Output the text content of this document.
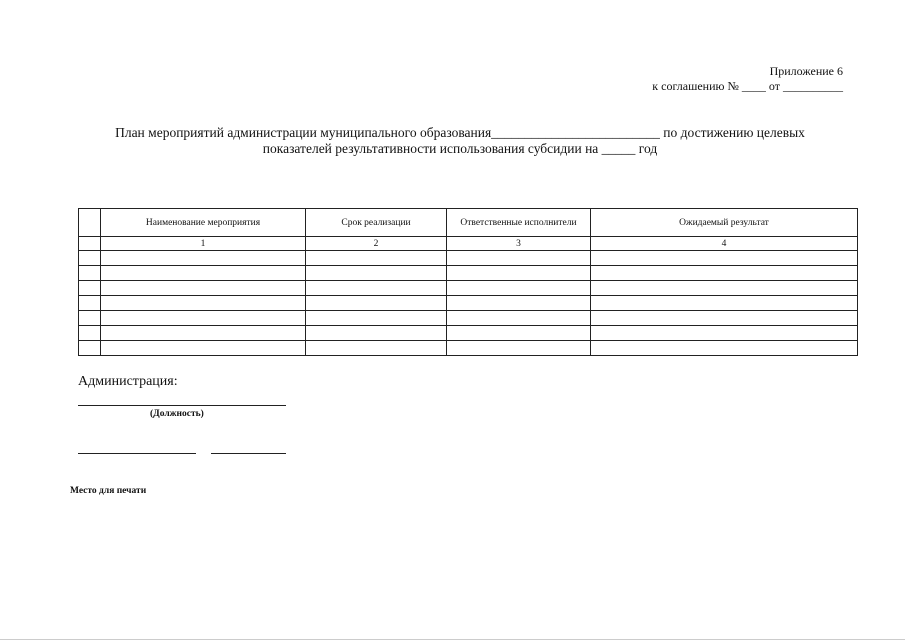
Приложение 6
к соглашению № ____ от __________
План мероприятий администрации муниципального образования_________________________ по достижению целевых
показателей результативности использования субсидии на _____ год
	Наименование мероприятия	Срок реализации	Ответственные исполнители	Ожидаемый результат
	1	2	3	4

Администрация:
(Должность)
Место для печати
